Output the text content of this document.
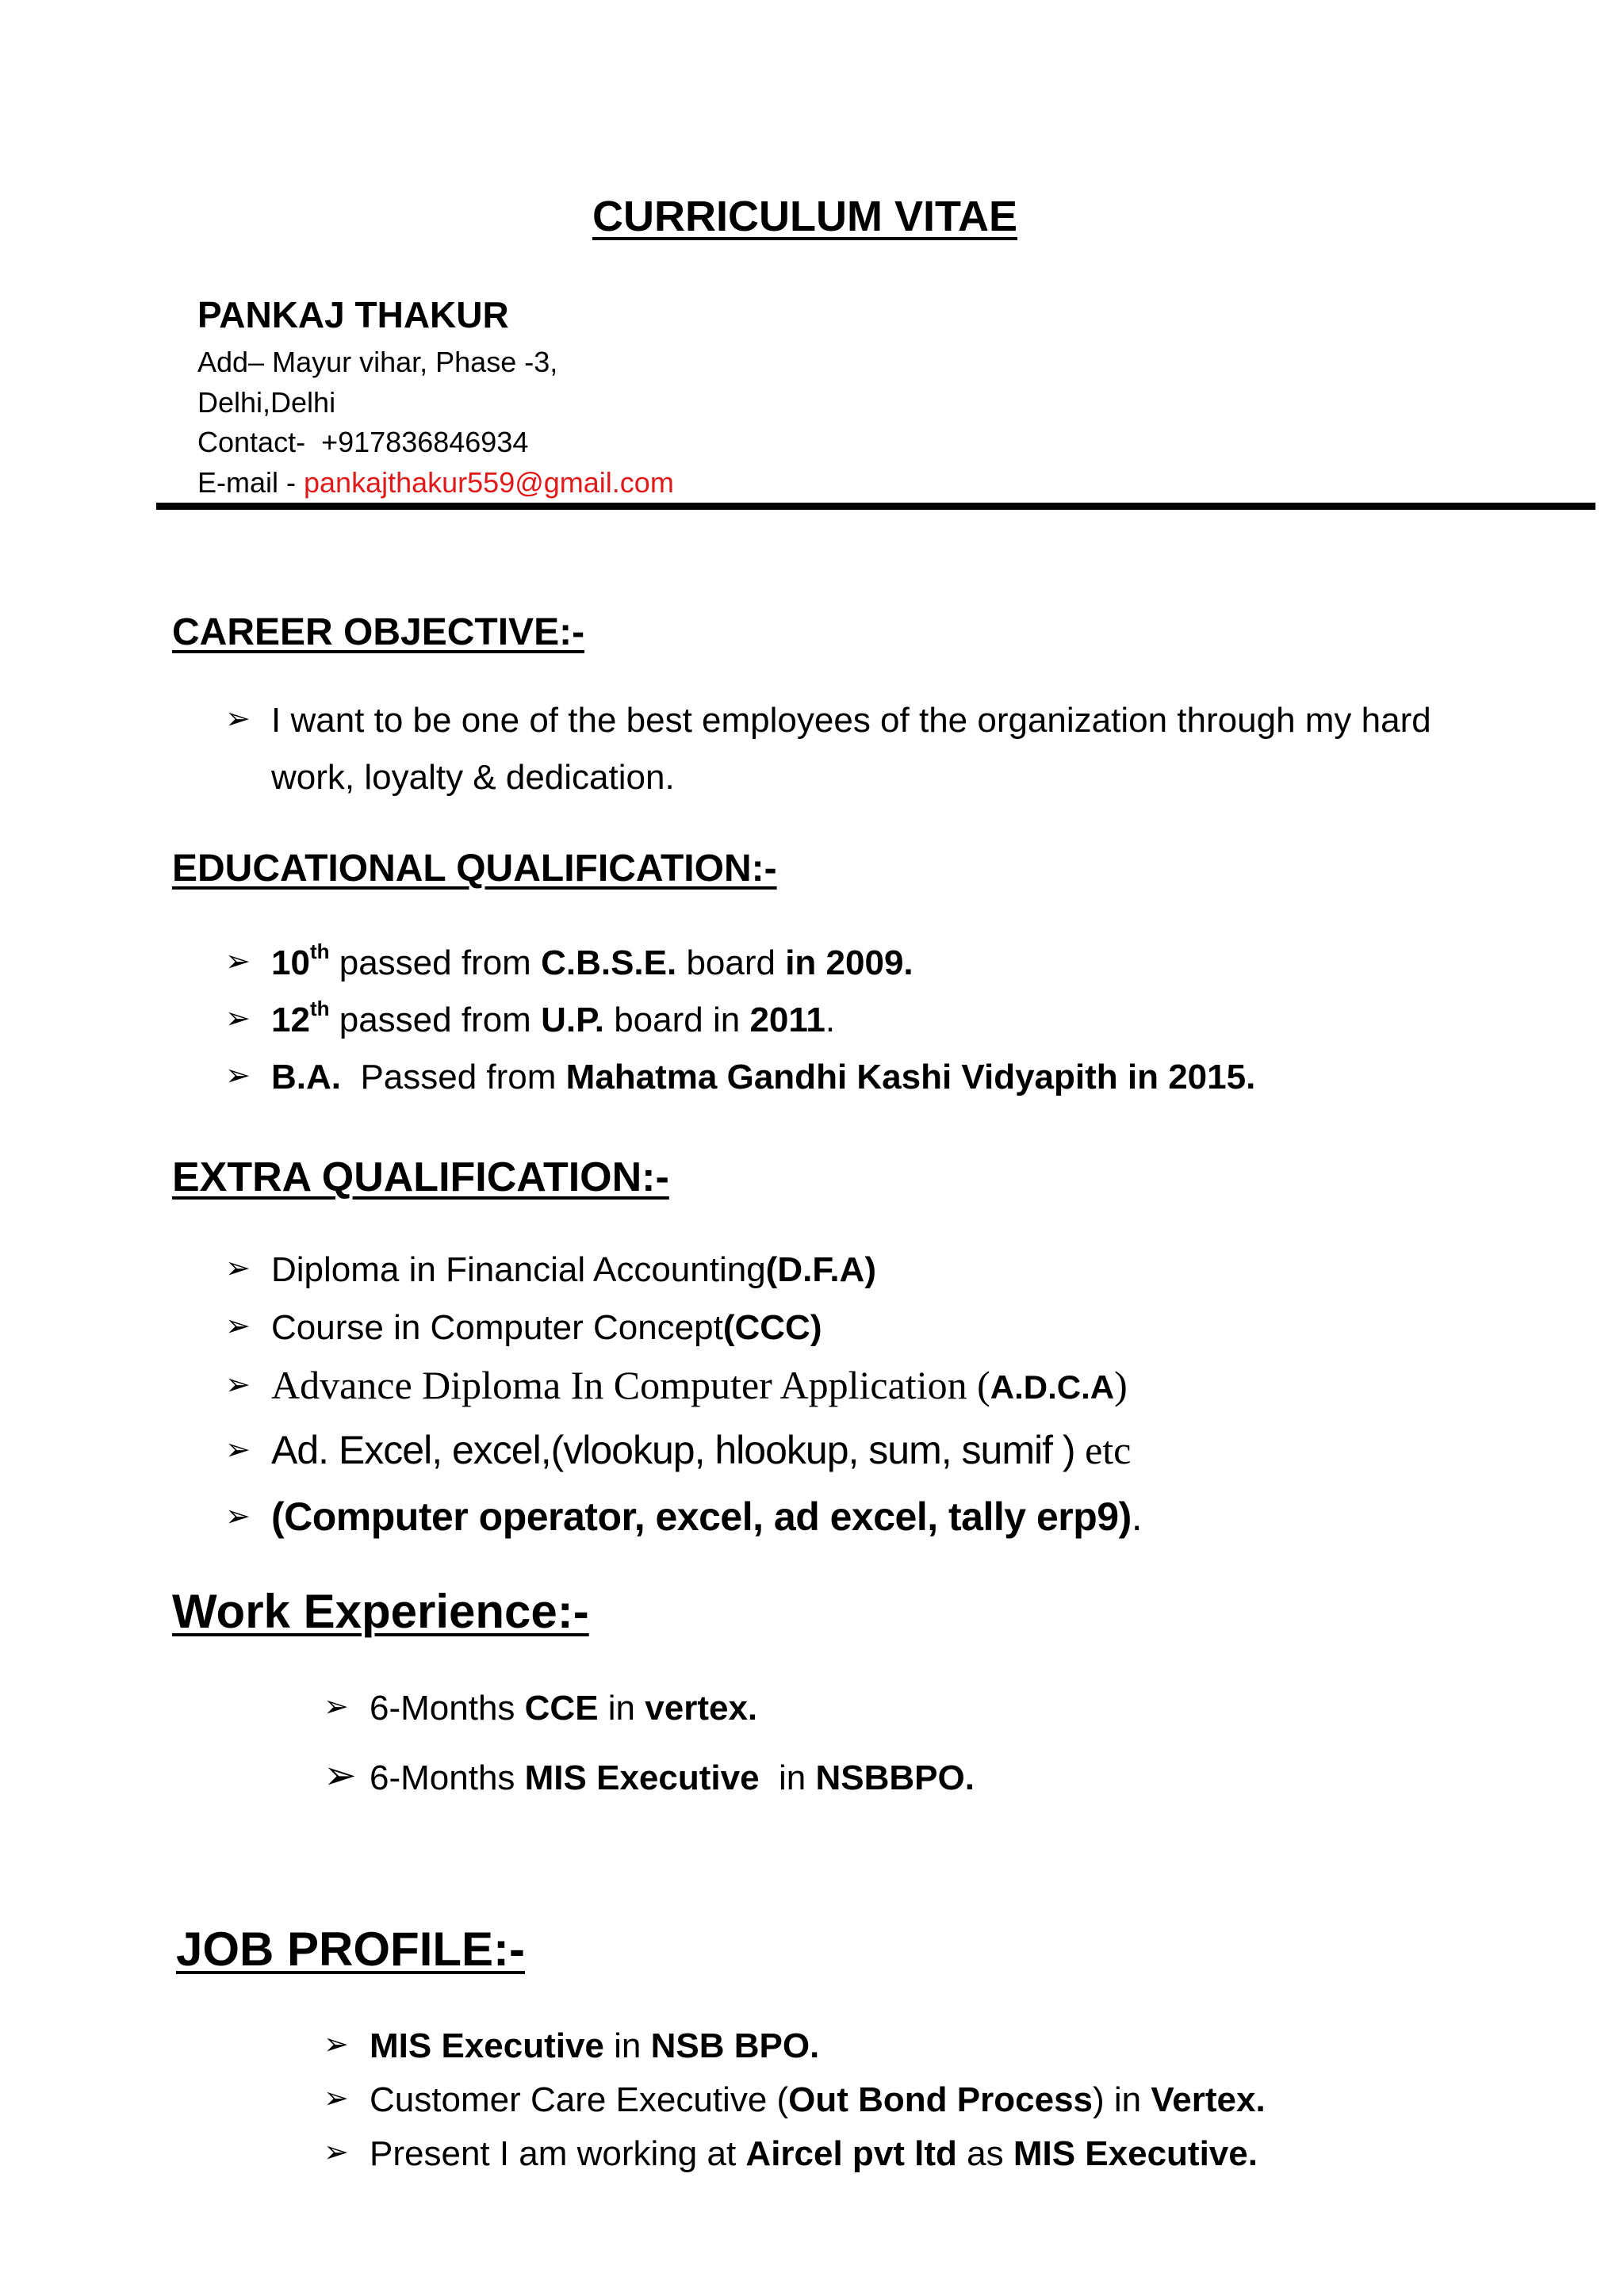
CURRICULUM VITAE
PANKAJ THAKUR
Add– Mayur vihar, Phase -3,
Delhi,Delhi
Contact- +917836846934
E-mail - pankajthakur559@gmail.com
CAREER OBJECTIVE:-
➢ I want to be one of the best employees of the organization through my hard
work, loyalty & dedication.
EDUCATIONAL QUALIFICATION:-
➢ 10th passed from C.B.S.E. board in 2009.
➢ 12th passed from U.P. board in 2011.
➢ B.A.  Passed from Mahatma Gandhi Kashi Vidyapith in 2015.
EXTRA QUALIFICATION:-
➢ Diploma in Financial Accounting(D.F.A)
➢ Course in Computer Concept(CCC)
➢ Advance Diploma In Computer Application (A.D.C.A)
➢ Ad. Excel, excel,(vlookup, hlookup, sum, sumif ) etc
➢ (Computer operator, excel, ad excel, tally erp9).
Work Experience:-
➢ 6-Months CCE in vertex.
➢ 6-Months MIS Executive  in NSBBPO.
JOB PROFILE:-
➢ MIS Executive in NSB BPO.
➢ Customer Care Executive (Out Bond Process) in Vertex.
➢ Present I am working at Aircel pvt ltd as MIS Executive.
